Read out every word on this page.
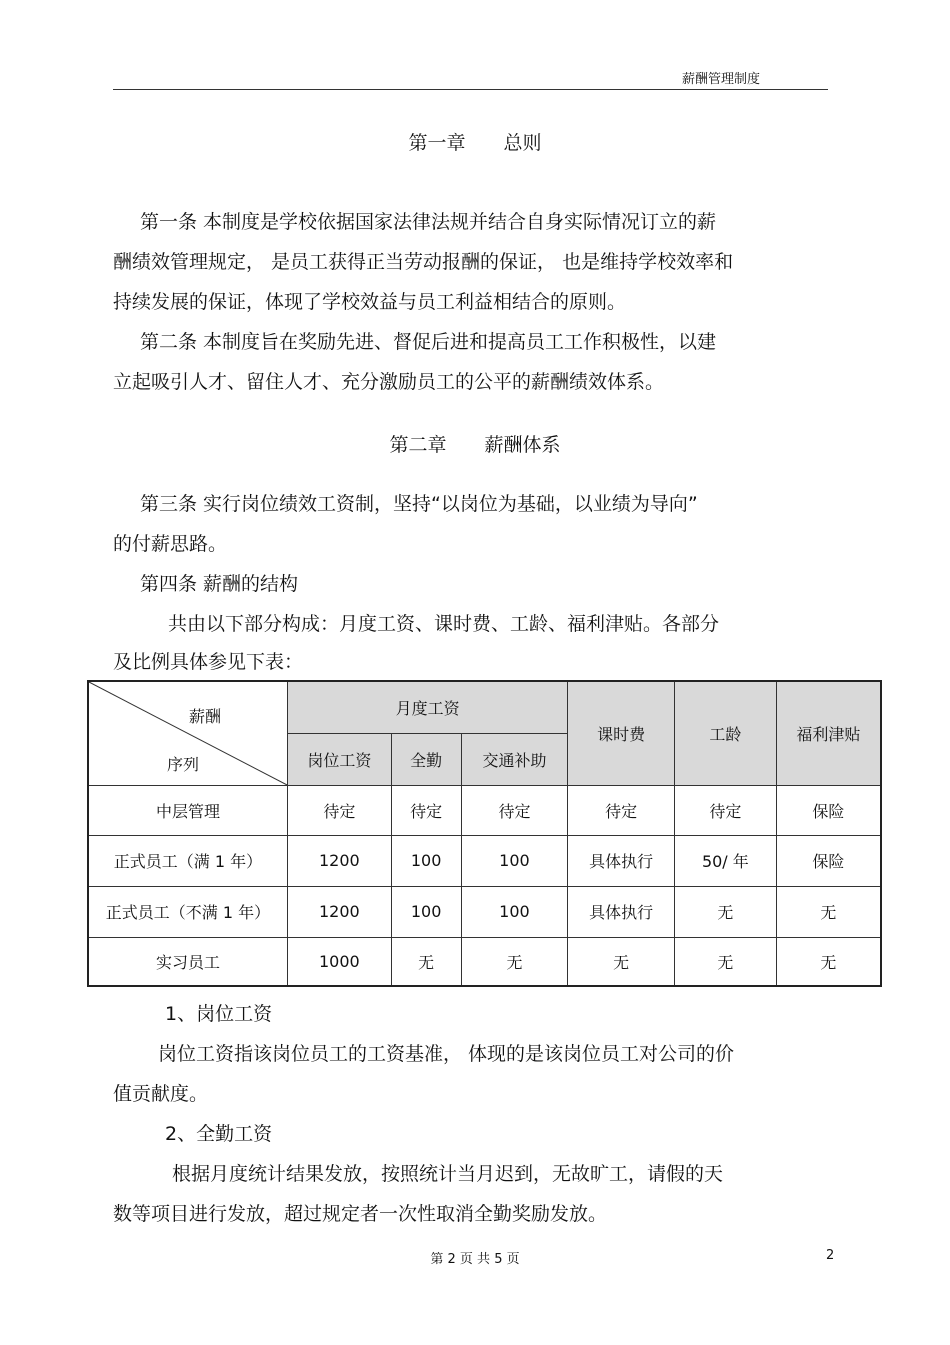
薪酬管理制度
第一章 总则
第一条 本制度是学校依据国家法律法规并结合自身实际情况订立的薪
酬绩效管理规定， 是员工获得正当劳动报酬的保证， 也是维持学校效率和
持续发展的保证，体现了学校效益与员工利益相结合的原则。
第二条 本制度旨在奖励先进、督促后进和提高员工工作积极性，以建
立起吸引人才、留住人才、充分激励员工的公平的薪酬绩效体系。
第二章 薪酬体系
第三条 实行岗位绩效工资制，坚持“以岗位为基础，以业绩为导向”
的付薪思路。
第四条 薪酬的结构
共由以下部分构成：月度工资、课时费、工龄、福利津贴。各部分
及比例具体参见下表：
薪酬
序列	月度工资			课时费	工龄	福利津贴
	岗位工资	全勤	交通补助			
中层管理	待定	待定	待定	待定	待定	保险
正式员工（满 1 年）	1200	100	100	具体执行	50/ 年	保险
正式员工（不满 1 年）	1200	100	100	具体执行	无	无
实习员工	1000	无	无	无	无	无
1、岗位工资
岗位工资指该岗位员工的工资基准， 体现的是该岗位员工对公司的价
值贡献度。
2、全勤工资
根据月度统计结果发放，按照统计当月迟到，无故旷工，请假的天
数等项目进行发放，超过规定者一次性取消全勤奖励发放。
第 2 页 共 5 页	2
